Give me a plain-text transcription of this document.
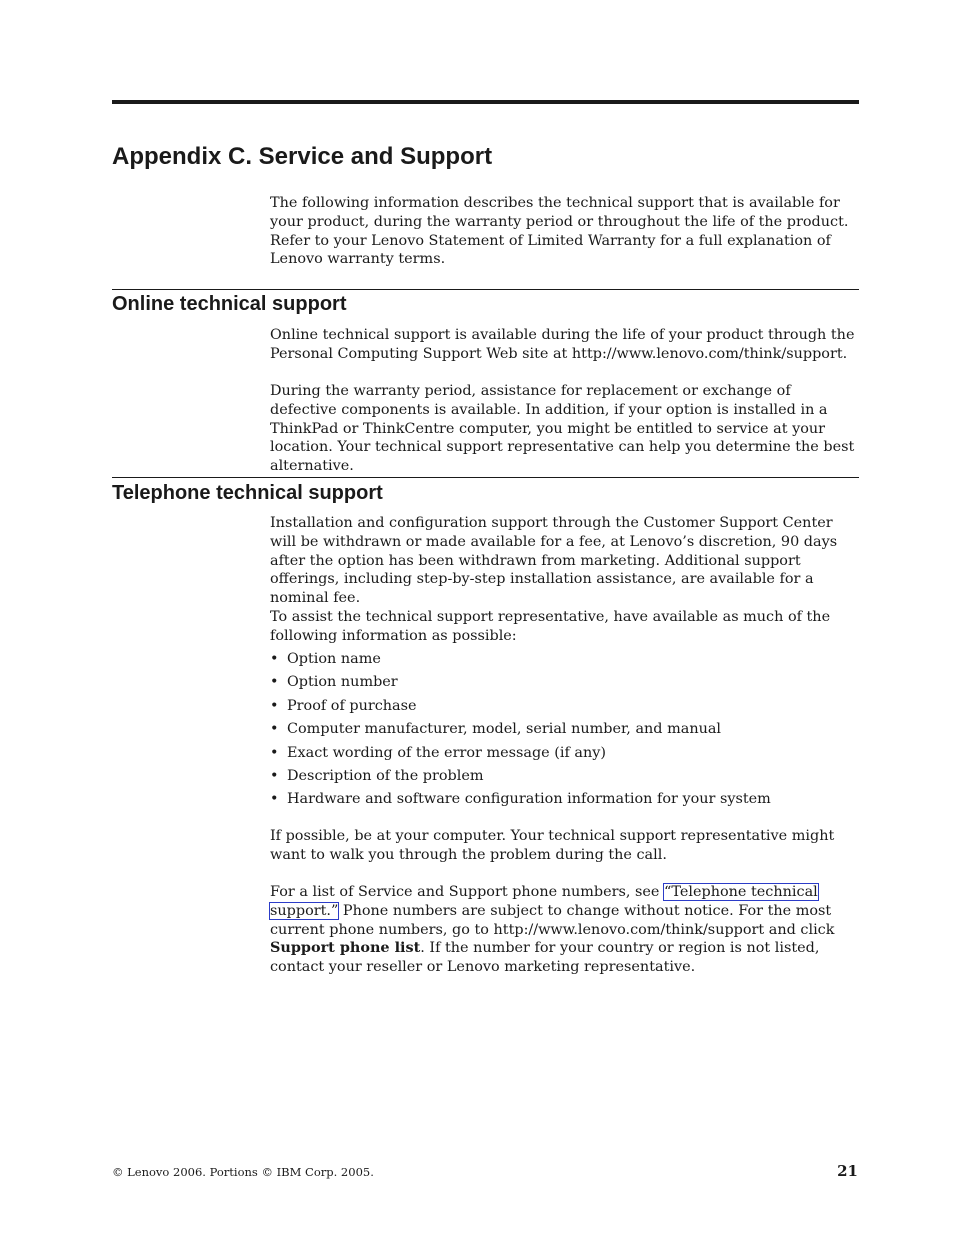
Appendix C. Service and Support

The following information describes the technical support that is available for your product, during the warranty period or throughout the life of the product. Refer to your Lenovo Statement of Limited Warranty for a full explanation of Lenovo warranty terms.

Online technical support

Online technical support is available during the life of your product through the Personal Computing Support Web site at http://www.lenovo.com/think/support.

During the warranty period, assistance for replacement or exchange of defective components is available. In addition, if your option is installed in a ThinkPad or ThinkCentre computer, you might be entitled to service at your location. Your technical support representative can help you determine the best alternative.

Telephone technical support

Installation and configuration support through the Customer Support Center will be withdrawn or made available for a fee, at Lenovo’s discretion, 90 days after the option has been withdrawn from marketing. Additional support offerings, including step-by-step installation assistance, are available for a nominal fee.

To assist the technical support representative, have available as much of the following information as possible:

• Option name
• Option number
• Proof of purchase
• Computer manufacturer, model, serial number, and manual
• Exact wording of the error message (if any)
• Description of the problem
• Hardware and software configuration information for your system

If possible, be at your computer. Your technical support representative might want to walk you through the problem during the call.

For a list of Service and Support phone numbers, see “Telephone technical support.” Phone numbers are subject to change without notice. For the most current phone numbers, go to http://www.lenovo.com/think/support and click Support phone list. If the number for your country or region is not listed, contact your reseller or Lenovo marketing representative.

© Lenovo 2006. Portions © IBM Corp. 2005.	21
